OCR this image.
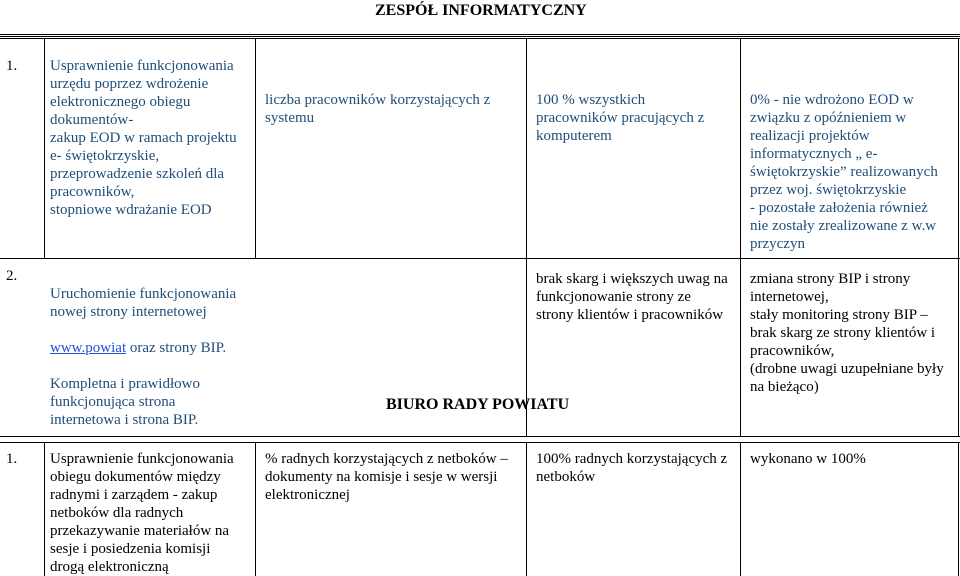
ZESPÓŁ INFORMATYCZNY
1. Usprawnienie funkcjonowania
urzędu poprzez wdrożenie
elektronicznego obiegu
dokumentów-
zakup EOD w ramach projektu
e- świętokrzyskie,
przeprowadzenie szkoleń dla
pracowników,
stopniowe wdrażanie EOD
liczba pracowników korzystających z
systemu
100 % wszystkich
pracowników pracujących z
komputerem
0% - nie wdrożono EOD w
związku z opóźnieniem w
realizacji projektów
informatycznych „ e-
świętokrzyskie” realizowanych
przez woj. świętokrzyskie
- pozostałe założenia również
nie zostały zrealizowane z w.w
przyczyn
2.

Uruchomienie funkcjonowania
nowej strony internetowej

www.powiat oraz strony BIP.

Kompletna i prawidłowo
funkcjonująca strona
internetowa i strona BIP.

brak skarg i większych uwag na
funkcjonowanie strony ze
strony klientów i pracowników
zmiana strony BIP i strony
internetowej,
stały monitoring strony BIP –
brak skarg ze strony klientów i
pracowników,
(drobne uwagi uzupełniane były
na bieżąco)
BIURO RADY POWIATU
1. Usprawnienie funkcjonowania
obiegu dokumentów między
radnymi i zarządem - zakup
netboków dla radnych
przekazywanie materiałów na
sesje i posiedzenia komisji
drogą elektroniczną
% radnych korzystających z netboków –
dokumenty na komisje i sesje w wersji
elektronicznej
100% radnych korzystających z
netboków
wykonano w 100%
